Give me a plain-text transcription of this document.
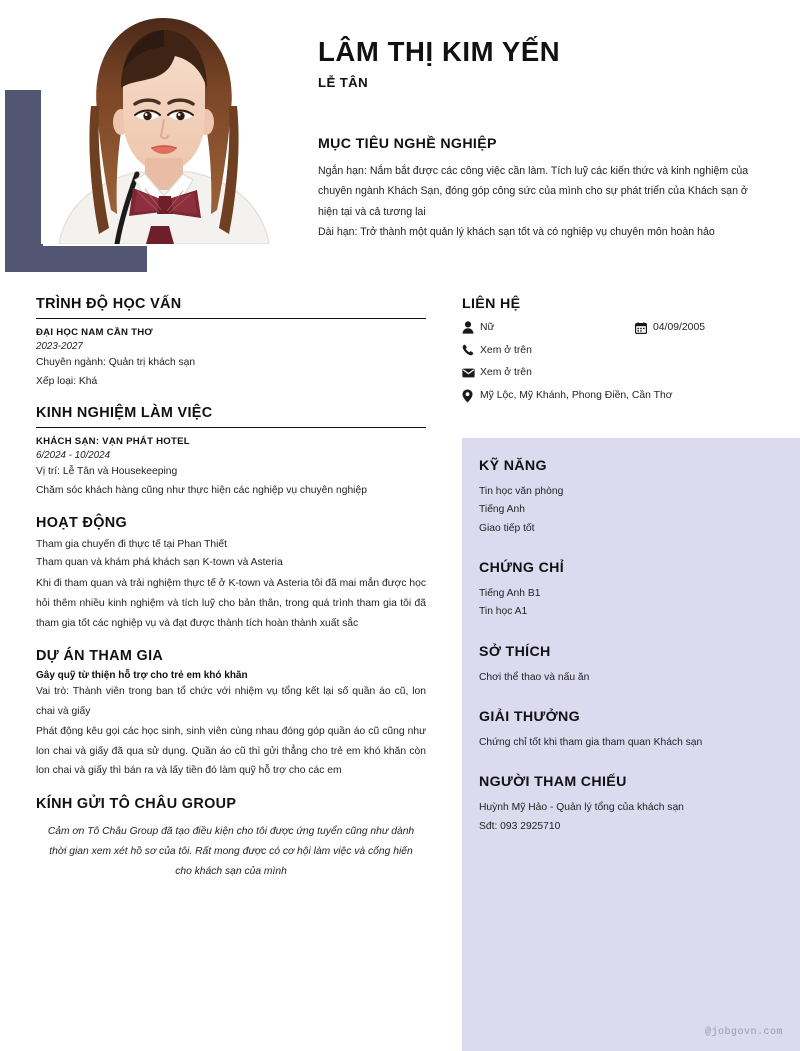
LÂM THỊ KIM YẾN

LỄ TÂN

MỤC TIÊU NGHỀ NGHIỆP

Ngắn hạn: Nắm bắt được các công việc cần làm. Tích luỹ các kiến thức và kinh nghiệm của chuyên ngành Khách Sạn, đóng góp công sức của mình cho sự phát triển của Khách sạn ở hiện tại và cả tương lai

Dài hạn: Trở thành một quản lý khách sạn tốt và có nghiệp vụ chuyên môn hoàn hảo

TRÌNH ĐỘ HỌC VẤN

ĐẠI HỌC NAM CẦN THƠ

2023-2027

Chuyên ngành: Quản trị khách sạn

Xếp loại: Khá

KINH NGHIỆM LÀM VIỆC

KHÁCH SẠN: VẠN PHÁT HOTEL

6/2024 - 10/2024

Vị trí: Lễ Tân và Housekeeping

Chăm sóc khách hàng cũng như thực hiện các nghiệp vụ chuyên nghiệp

HOẠT ĐỘNG

Tham gia chuyến đi thực tế tại Phan Thiết

Tham quan và khám phá khách sạn K-town và Asteria

Khi đi tham quan và trải nghiệm thực tế ở K-town và Asteria tôi đã mai mắn được học hỏi thêm nhiều kinh nghiệm và tích luỹ cho bản thân, trong quá trình tham gia tôi đã tham gia tốt các nghiệp vụ và đạt được thành tích hoàn thành xuất sắc

DỰ ÁN THAM GIA

Gây quỹ từ thiện hỗ trợ cho trẻ em khó khăn

Vai trò: Thành viên trong ban tổ chức với nhiệm vụ tổng kết lại số quần áo cũ, lon chai và giấy

Phát động kêu gọi các học sinh, sinh viên cùng nhau đóng góp quần áo cũ cũng như lon chai và giấy đã qua sử dụng. Quần áo cũ thì gửi thẳng cho trẻ em khó khăn còn lon chai và giấy thì bán ra và lấy tiền đó làm quỹ hỗ trợ cho các em

KÍNH GỬI TÔ CHÂU GROUP

Cảm ơn Tô Châu Group đã tạo điều kiện cho tôi được ứng tuyển cũng như dành thời gian xem xét hồ sơ của tôi. Rất mong được có cơ hội làm việc và cống hiến cho khách sạn của mình

LIÊN HỆ
Nữ	04/09/2005
Xem ở trên
Xem ở trên
Mỹ Lộc, Mỹ Khánh, Phong Điền, Cần Thơ
KỸ NĂNG

Tin học văn phòng

Tiếng Anh

Giao tiếp tốt

CHỨNG CHỈ

Tiếng Anh B1

Tin học A1

SỞ THÍCH

Chơi thể thao và nấu ăn

GIẢI THƯỞNG

Chứng chỉ tốt khi tham gia tham quan Khách sạn

NGƯỜI THAM CHIẾU

Huỳnh Mỹ Hảo - Quản lý tổng của khách sạn

Sđt: 093 2925710

@jobgovn.com
